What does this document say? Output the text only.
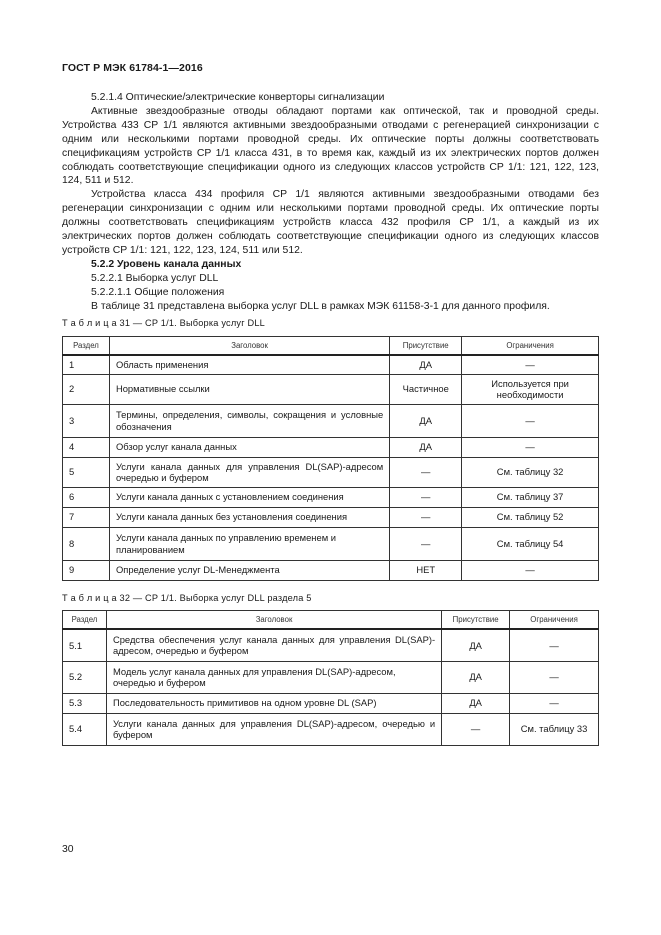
ГОСТ Р МЭК 61784-1—2016

5.2.1.4 Оптические/электрические конверторы сигнализации

Активные звездообразные отводы обладают портами как оптической, так и проводной среды. Устройства 433 CP 1/1 являются активными звездообразными отводами с регенерацией синхронизации с одним или несколькими портами проводной среды. Их оптические порты должны соответствовать спецификациям устройств CP 1/1 класса 431, в то время как, каждый из их электрических портов должен соблюдать соответствующие спецификации одного из следующих классов устройств CP 1/1: 121, 122, 123, 124, 511 и 512.

Устройства класса 434 профиля CP 1/1 являются активными звездообразными отводами без регенерации синхронизации с одним или несколькими портами проводной среды. Их оптические порты должны соответствовать спецификациям устройств класса 432 профиля CP 1/1, а каждый из их электрических портов должен соблюдать соответствующие спецификации одного из следующих классов устройств CP 1/1: 121, 122, 123, 124, 511 или 512.

5.2.2 Уровень канала данных

5.2.2.1 Выборка услуг DLL

5.2.2.1.1 Общие положения

В таблице 31 представлена выборка услуг DLL в рамках МЭК 61158-3-1 для данного профиля.

Т а б л и ц а 31 — CP 1/1. Выборка услуг DLL
Раздел	Заголовок	Присутствие	Ограничения
1	Область применения	ДА	—
2	Нормативные ссылки	Частичное	Используется при необходимости
3	Термины, определения, символы, сокращения и условные обозначения	ДА	—
4	Обзор услуг канала данных	ДА	—
5	Услуги канала данных для управления DL(SAP)-адресом очередью и буфером	—	См. таблицу 32
6	Услуги канала данных с установлением соединения	—	См. таблицу 37
7	Услуги канала данных без установления соединения	—	См. таблицу 52
8	Услуги канала данных по управлению временем и планированием	—	См. таблицу 54
9	Определение услуг DL-Менеджмента	НЕТ	—
Т а б л и ц а 32 — CP 1/1. Выборка услуг DLL раздела 5
Раздел	Заголовок	Присутствие	Ограничения
5.1	Средства обеспечения услуг канала данных для управления DL(SAP)-адресом, очередью и буфером	ДА	—
5.2	Модель услуг канала данных для управления DL(SAP)-адресом, очередью и буфером	ДА	—
5.3	Последовательность примитивов на одном уровне DL (SAP)	ДА	—
5.4	Услуги канала данных для управления DL(SAP)-адресом, очередью и буфером	—	См. таблицу 33
30
